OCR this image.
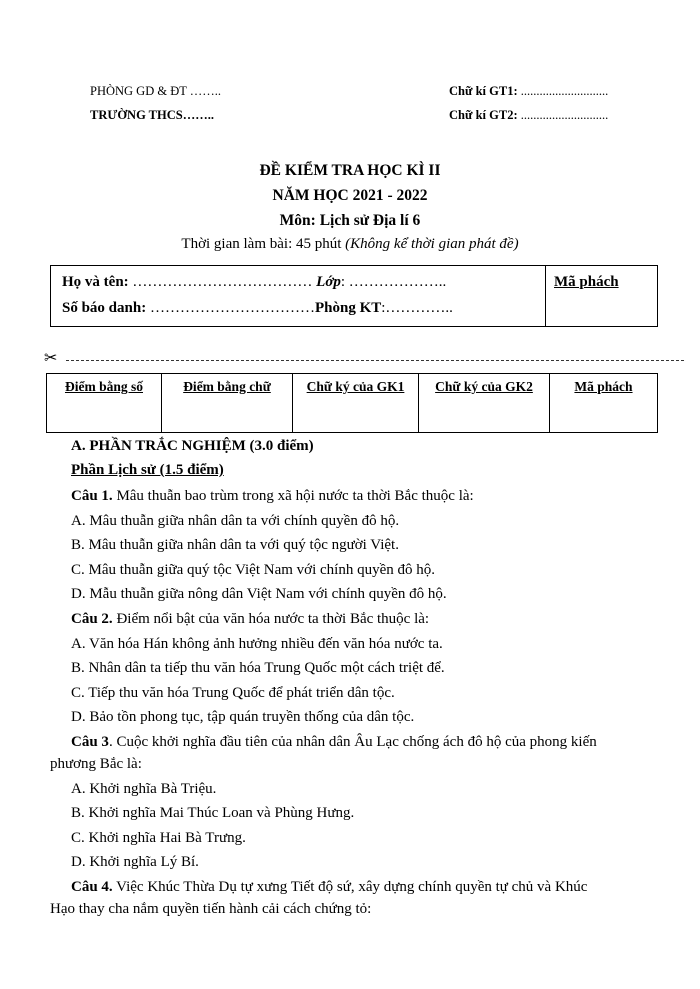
PHÒNG GD & ĐT ……..
TRƯỜNG THCS……..
Chữ kí GT1: ............................
Chữ kí GT2: ............................
ĐỀ KIỂM TRA HỌC KÌ II
NĂM HỌC 2021 - 2022
Môn: Lịch sử Địa lí 6
Thời gian làm bài: 45 phút (Không kể thời gian phát đề)
Họ và tên: ……………………………… Lớp: ………………..
Số báo danh: ……………………………Phòng KT:…………..
Mã phách
✂
Điểm bằng số	Điểm bằng chữ	Chữ ký của GK1	Chữ ký của GK2	Mã phách
A. PHẦN TRẮC NGHIỆM (3.0 điểm)
Phần Lịch sử (1.5 điểm)
Câu 1. Mâu thuẫn bao trùm trong xã hội nước ta thời Bắc thuộc là:
A. Mâu thuẫn giữa nhân dân ta với chính quyền đô hộ.
B. Mâu thuẫn giữa nhân dân ta với quý tộc người Việt.
C. Mâu thuẫn giữa quý tộc Việt Nam với chính quyền đô hộ.
D. Mẫu thuẫn giữa nông dân Việt Nam với chính quyền đô hộ.
Câu 2. Điểm nổi bật của văn hóa nước ta thời Bắc thuộc là:
A. Văn hóa Hán không ảnh hưởng nhiều đến văn hóa nước ta.
B. Nhân dân ta tiếp thu văn hóa Trung Quốc một cách triệt để.
C. Tiếp thu văn hóa Trung Quốc để phát triển dân tộc.
D. Bảo tồn phong tục, tập quán truyền thống của dân tộc.
Câu 3. Cuộc khởi nghĩa đầu tiên của nhân dân Âu Lạc chống ách đô hộ của phong kiến
phương Bắc là:
A. Khởi nghĩa Bà Triệu.
B. Khởi nghĩa Mai Thúc Loan và Phùng Hưng.
C. Khởi nghĩa Hai Bà Trưng.
D. Khởi nghĩa Lý Bí.
Câu 4. Việc Khúc Thừa Dụ tự xưng Tiết độ sứ, xây dựng chính quyền tự chủ và Khúc
Hạo thay cha nắm quyền tiến hành cải cách chứng tỏ:
